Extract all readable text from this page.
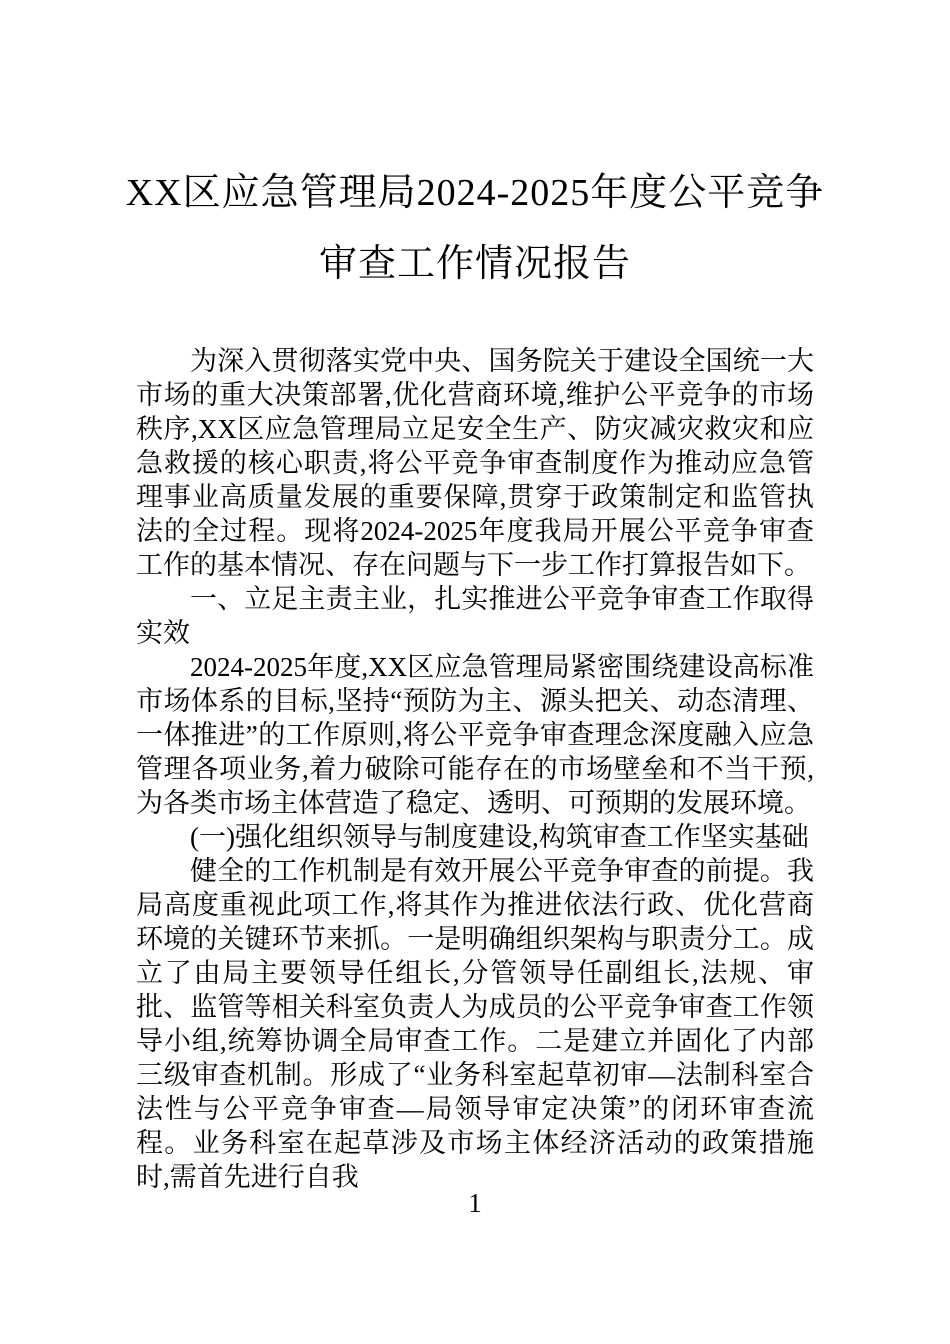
XX区应急管理局2024-2025年度公平竞争
审查工作情况报告

为深入贯彻落实党中央、国务院关于建设全国统一大市场的重大决策部署,优化营商环境,维护公平竞争的市场秩序,XX区应急管理局立足安全生产、防灾减灾救灾和应急救援的核心职责,将公平竞争审查制度作为推动应急管理事业高质量发展的重要保障,贯穿于政策制定和监管执法的全过程。现将2024-2025年度我局开展公平竞争审查工作的基本情况、存在问题与下一步工作打算报告如下。

一、立足主责主业，扎实推进公平竞争审查工作取得实效

2024-2025年度,XX区应急管理局紧密围绕建设高标准市场体系的目标,坚持“预防为主、源头把关、动态清理、一体推进”的工作原则,将公平竞争审查理念深度融入应急管理各项业务,着力破除可能存在的市场壁垒和不当干预,为各类市场主体营造了稳定、透明、可预期的发展环境。

(一)强化组织领导与制度建设,构筑审查工作坚实基础

健全的工作机制是有效开展公平竞争审查的前提。我局高度重视此项工作,将其作为推进依法行政、优化营商环境的关键环节来抓。一是明确组织架构与职责分工。成立了由局主要领导任组长,分管领导任副组长,法规、审批、监管等相关科室负责人为成员的公平竞争审查工作领导小组,统筹协调全局审查工作。二是建立并固化了内部三级审查机制。形成了“业务科室起草初审—法制科室合法性与公平竞争审查—局领导审定决策”的闭环审查流程。业务科室在起草涉及市场主体经济活动的政策措施时,需首先进行自我

1
